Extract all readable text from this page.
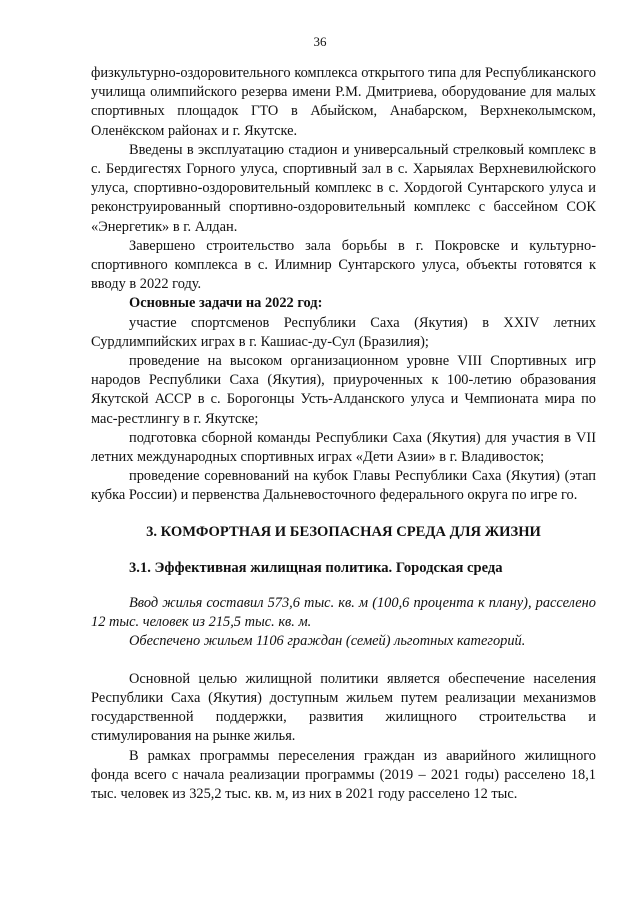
36

физкультурно-оздоровительного комплекса открытого типа для Республиканского училища олимпийского резерва имени Р.М. Дмитриева, оборудование для малых спортивных площадок ГТО в Абыйском, Анабарском, Верхнеколымском, Оленёкском районах и г. Якутске.

Введены в эксплуатацию стадион и универсальный стрелковый комплекс в с. Бердигестях Горного улуса, спортивный зал в с. Харыялах Верхневилюйского улуса, спортивно-оздоровительный комплекс в с. Хордогой Сунтарского улуса и реконструированный спортивно-оздоровительный комплекс с бассейном СОК «Энергетик» в г. Алдан.

Завершено строительство зала борьбы в г. Покровске и культурно-спортивного комплекса в с. Илимнир Сунтарского улуса, объекты готовятся к вводу в 2022 году.

Основные задачи на 2022 год:

участие спортсменов Республики Саха (Якутия) в XXIV летних Сурдлимпийских играх в г. Кашиас-ду-Сул (Бразилия);

проведение на высоком организационном уровне VIII Спортивных игр народов Республики Саха (Якутия), приуроченных к 100-летию образования Якутской АССР в с. Борогонцы Усть-Алданского улуса и Чемпионата мира по мас-рестлингу в г. Якутске;

подготовка сборной команды Республики Саха (Якутия) для участия в VII летних международных спортивных играх «Дети Азии» в г. Владивосток;

проведение соревнований на кубок Главы Республики Саха (Якутия) (этап кубка России) и первенства Дальневосточного федерального округа по игре го.

3. КОМФОРТНАЯ И БЕЗОПАСНАЯ СРЕДА ДЛЯ ЖИЗНИ

3.1. Эффективная жилищная политика. Городская среда

Ввод жилья составил 573,6 тыс. кв. м (100,6 процента к плану), расселено 12 тыс. человек из 215,5 тыс. кв. м.

Обеспечено жильем 1106 граждан (семей) льготных категорий.

Основной целью жилищной политики является обеспечение населения Республики Саха (Якутия) доступным жильем путем реализации механизмов государственной поддержки, развития жилищного строительства и стимулирования на рынке жилья.

В рамках программы переселения граждан из аварийного жилищного фонда всего с начала реализации программы (2019 – 2021 годы) расселено 18,1 тыс. человек из 325,2 тыс. кв. м, из них в 2021 году расселено 12 тыс.
